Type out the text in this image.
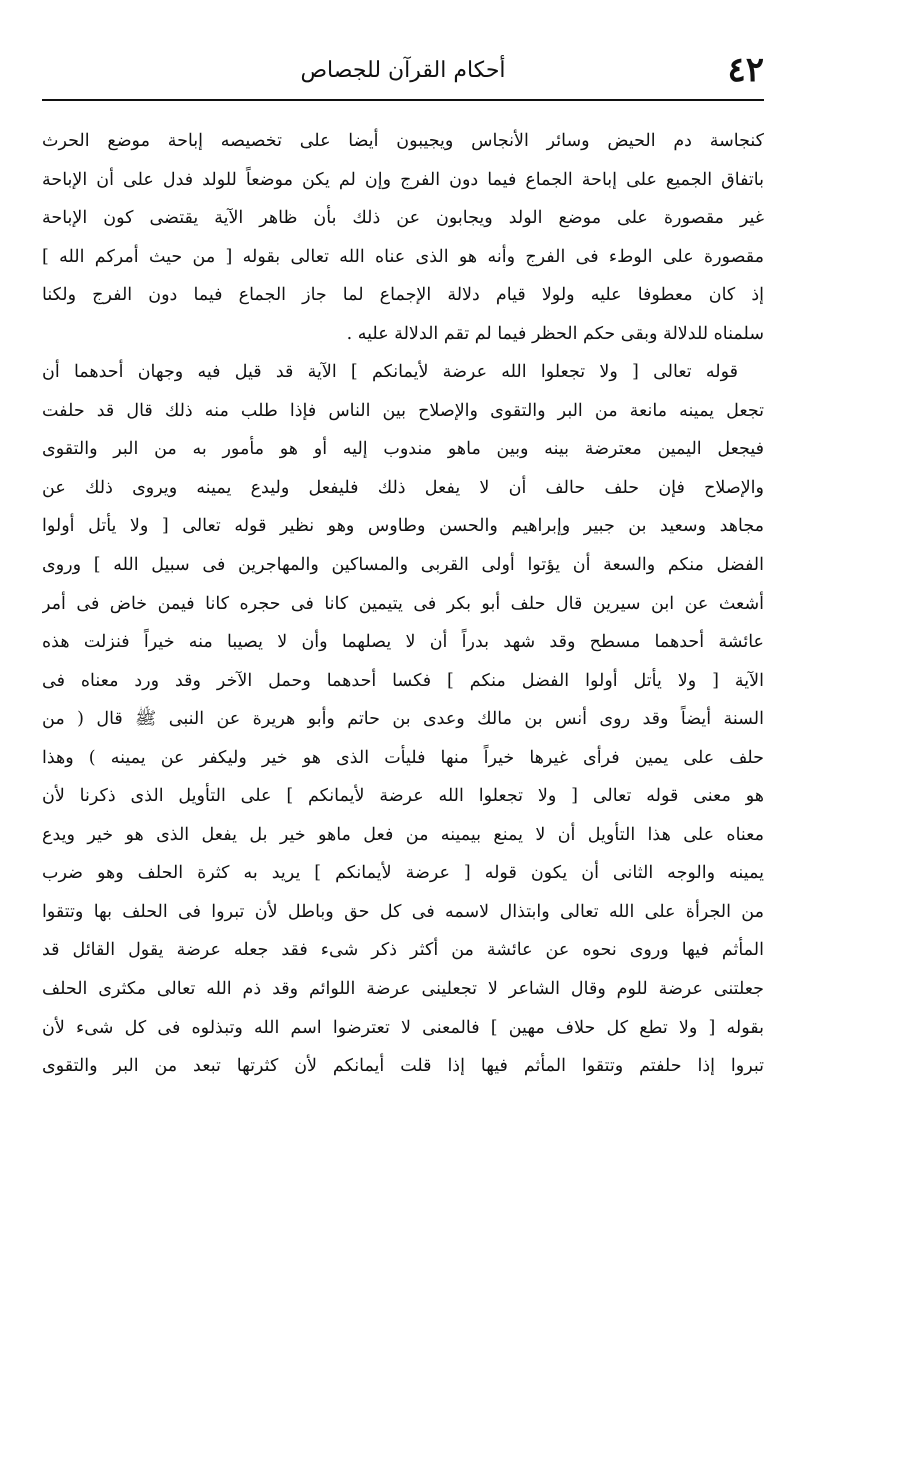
٤٢
أحكام القرآن للجصاص
كنجاسة دم الحيض وسائر الأنجاس ويجيبون أيضا على تخصيصه إباحة موضع الحرث
باتفاق الجميع على إباحة الجماع فيما دون الفرج وإن لم يكن موضعاً للولد فدل على أن الإباحة
غير مقصورة على موضع الولد ويجابون عن ذلك بأن ظاهر الآية يقتضى كون الإباحة
مقصورة على الوطء فى الفرج وأنه هو الذى عناه الله تعالى بقوله [ من حيث أمركم الله ]
إذ كان معطوفا عليه ولولا قيام دلالة الإجماع لما جاز الجماع فيما دون الفرج ولكنا
سلمناه للدلالة وبقى حكم الحظر فيما لم تقم الدلالة عليه .
قوله تعالى [ ولا تجعلوا الله عرضة لأيمانكم ] الآية قد قيل فيه وجهان أحدهما أن
تجعل يمينه مانعة من البر والتقوى والإصلاح بين الناس فإذا طلب منه ذلك قال قد حلفت
فيجعل اليمين معترضة بينه وبين ماهو مندوب إليه أو هو مأمور به من البر والتقوى
والإصلاح فإن حلف حالف أن لا يفعل ذلك فليفعل وليدع يمينه ويروى ذلك عن
مجاهد وسعيد بن جبير وإبراهيم والحسن وطاوس وهو نظير قوله تعالى [ ولا يأتل أولوا
الفضل منكم والسعة أن يؤتوا أولى القربى والمساكين والمهاجرين فى سبيل الله ] وروى
أشعث عن ابن سيرين قال حلف أبو بكر فى يتيمين كانا فى حجره كانا فيمن خاض فى أمر
عائشة أحدهما مسطح وقد شهد بدراً أن لا يصلهما وأن لا يصيبا منه خيراً فنزلت هذه
الآية [ ولا يأتل أولوا الفضل منكم ] فكسا أحدهما وحمل الآخر وقد ورد معناه فى
السنة أيضاً وقد روى أنس بن مالك وعدى بن حاتم وأبو هريرة عن النبى ﷺ قال ( من
حلف على يمين فرأى غيرها خيراً منها فليأت الذى هو خير وليكفر عن يمينه ) وهذا
هو معنى قوله تعالى [ ولا تجعلوا الله عرضة لأيمانكم ] على التأويل الذى ذكرنا لأن
معناه على هذا التأويل أن لا يمنع بيمينه من فعل ماهو خير بل يفعل الذى هو خير ويدع
يمينه والوجه الثانى أن يكون قوله [ عرضة لأيمانكم ] يريد به كثرة الحلف وهو ضرب
من الجرأة على الله تعالى وابتذال لاسمه فى كل حق وباطل لأن تبروا فى الحلف بها وتتقوا
المأثم فيها وروى نحوه عن عائشة من أكثر ذكر شىء فقد جعله عرضة يقول القائل قد
جعلتنى عرضة للوم وقال الشاعر لا تجعلينى عرضة اللوائم وقد ذم الله تعالى مكثرى الحلف
بقوله [ ولا تطع كل حلاف مهين ] فالمعنى لا تعترضوا اسم الله وتبذلوه فى كل شىء لأن
تبروا إذا حلفتم وتتقوا المأثم فيها إذا قلت أيمانكم لأن كثرتها تبعد من البر والتقوى
